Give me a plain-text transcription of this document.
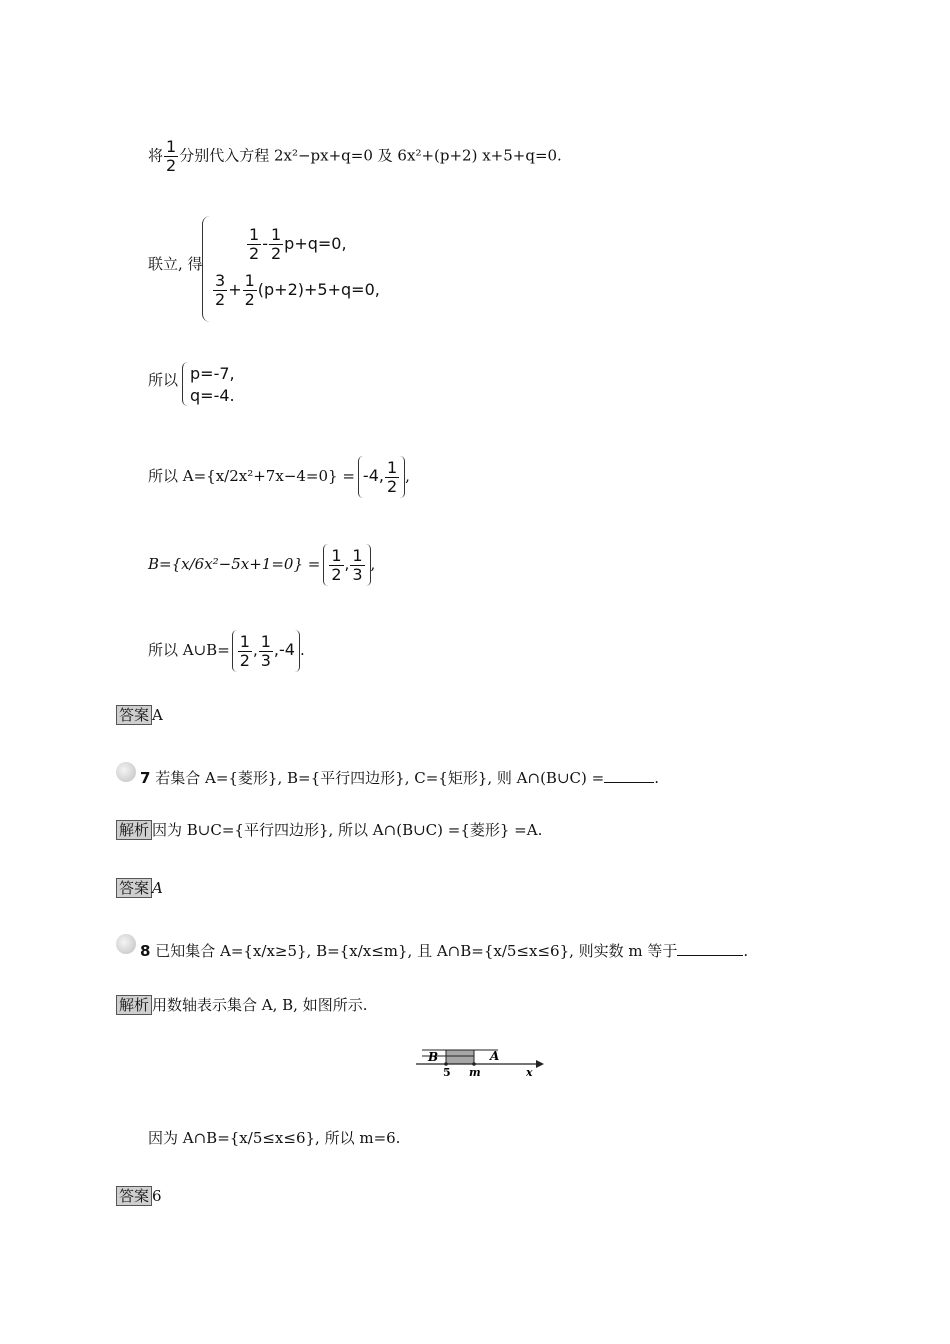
将 $\frac{1}{2}$ 分别代入方程 2x²−px+q=0 及 6x²+(p+2) x+5+q=0.
联立, 得
$\frac{1}{2} - \frac{1}{2} p+q=0$,
$\frac{3}{2} + \frac{1}{2} (p+2)+5+q=0$,
所以 p=-7,
q=-4.
所以 A={x/2x²+7x−4=0} = -4, $\frac{1}{2}$ ,
$B=\{x/6x^2-5x+1=0\} = \frac{1}{2}$ , $\frac{1}{3}$ ,
所以 A∪B= $\frac{1}{2}$ , $\frac{1}{3} ,-4$ .
答案 A
7 若集合 A={菱形}, B={平行四边形}, C={矩形}, 则 A∩(B∪C) =	.
解析 因为 B∪C={平行四边形}, 所以 A∩(B∪C) ={菱形} =A.
答案 A
8 已知集合 A={x/x≥5}, B={x/x≤m}, 且 A∩B={x/5≤x≤6}, 则实数 m 等于	.
解析 用数轴表示集合 A, B, 如图所示.
B	A
5 m	x
因为 A∩B={x/5≤x≤6}, 所以 m=6.
答案 6
